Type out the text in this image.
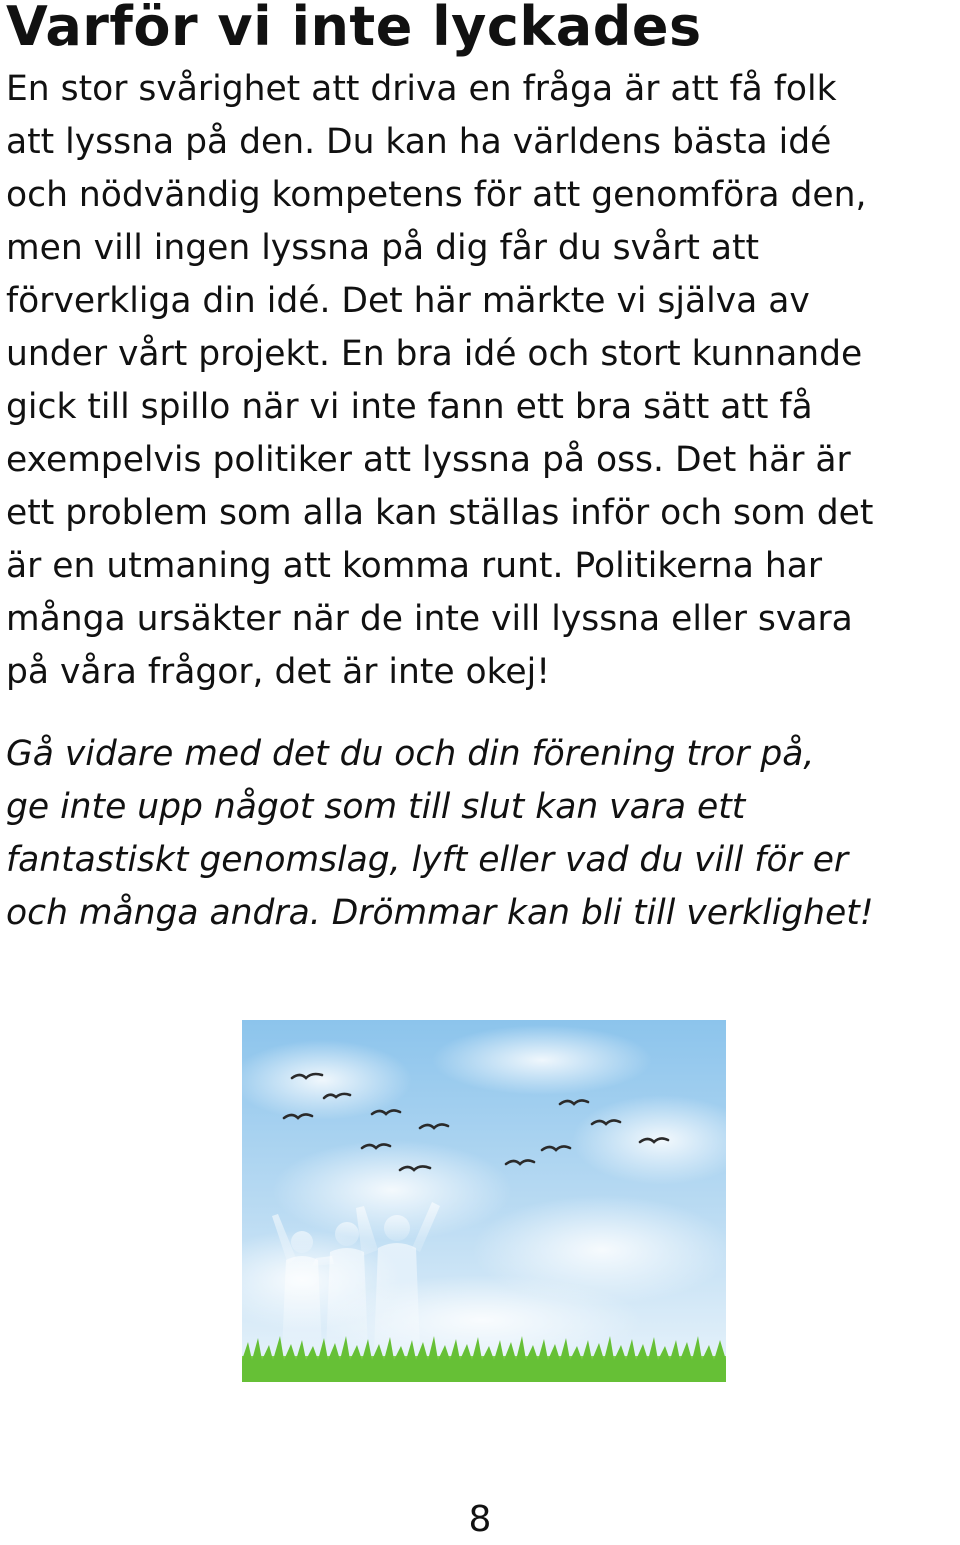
Varför vi inte lyckades
En stor svårighet att driva en fråga är att få folk
att lyssna på den. Du kan ha världens bästa idé
och nödvändig kompetens för att genomföra den,
men vill ingen lyssna på dig får du svårt att
förverkliga din idé. Det här märkte vi själva av
under vårt projekt. En bra idé och stort kunnande
gick till spillo när vi inte fann ett bra sätt att få
exempelvis politiker att lyssna på oss. Det här är
ett problem som alla kan ställas inför och som det
är en utmaning att komma runt. Politikerna har
många ursäkter när de inte vill lyssna eller svara
på våra frågor, det är inte okej!
Gå vidare med det du och din förening tror på,
ge inte upp något som till slut kan vara ett
fantastiskt genomslag, lyft eller vad du vill för er
och många andra. Drömmar kan bli till verklighet!
8
